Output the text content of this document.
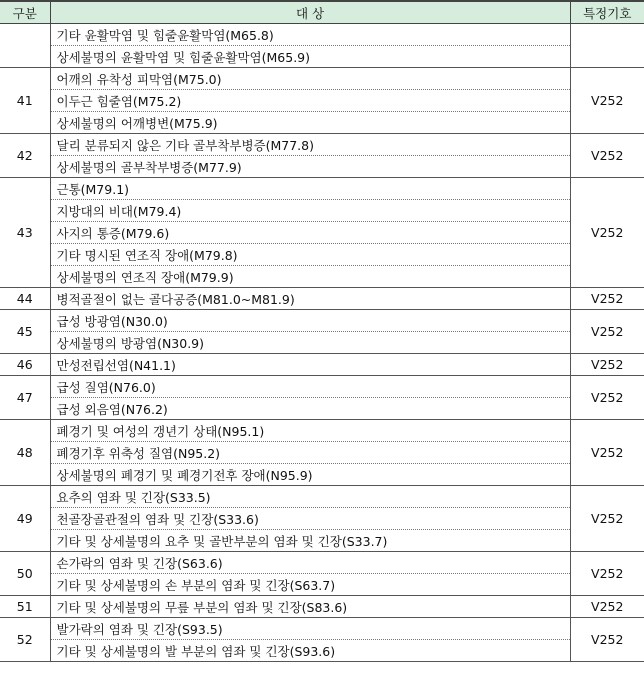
구분	대 상	특정기호
	기타 윤활막염 및 힘줄윤활막염(M65.8)	
	상세불명의 윤활막염 및 힘줄윤활막염(M65.9)	
41	어깨의 유착성 피막염(M75.0)	V252
	이두근 힘줄염(M75.2)	
	상세불명의 어깨병변(M75.9)	
42	달리 분류되지 않은 기타 골부착부병증(M77.8)	V252
	상세불명의 골부착부병증(M77.9)	
43	근통(M79.1)	V252
	지방대의 비대(M79.4)	
	사지의 통증(M79.6)	
	기타 명시된 연조직 장애(M79.8)	
	상세불명의 연조직 장애(M79.9)	
44	병적골절이 없는 골다공증(M81.0~M81.9)	V252
45	급성 방광염(N30.0)	V252
	상세불명의 방광염(N30.9)	
46	만성전립선염(N41.1)	V252
47	급성 질염(N76.0)	V252
	급성 외음염(N76.2)	
48	폐경기 및 여성의 갱년기 상태(N95.1)	V252
	폐경기후 위축성 질염(N95.2)	
	상세불명의 폐경기 및 폐경기전후 장애(N95.9)	
49	요추의 염좌 및 긴장(S33.5)	V252
	천골장골관절의 염좌 및 긴장(S33.6)	
	기타 및 상세불명의 요추 및 골반부분의 염좌 및 긴장(S33.7)	
50	손가락의 염좌 및 긴장(S63.6)	V252
	기타 및 상세불명의 손 부분의 염좌 및 긴장(S63.7)	
51	기타 및 상세불명의 무릎 부분의 염좌 및 긴장(S83.6)	V252
52	발가락의 염좌 및 긴장(S93.5)	V252
	기타 및 상세불명의 발 부분의 염좌 및 긴장(S93.6)	
